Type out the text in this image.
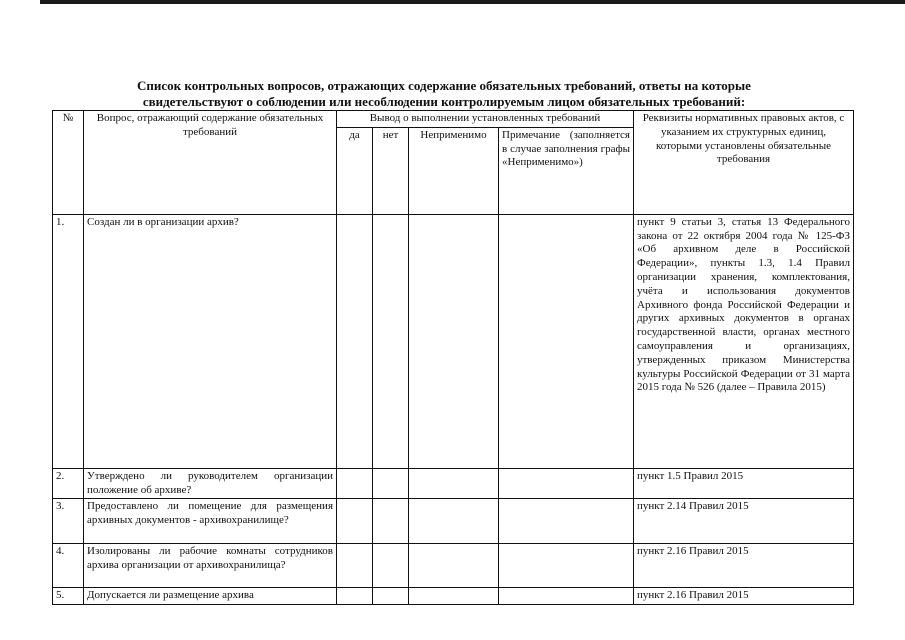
Список контрольных вопросов, отражающих содержание обязательных требований, ответы на которые
свидетельствуют о соблюдении или несоблюдении контролируемым лицом обязательных требований:
№	Вопрос, отражающий содержание обязательных требований	Вывод о выполнении установленных требований				Реквизиты нормативных правовых актов, с указанием их структурных единиц, которыми установлены обязательные требования
		да	нет	Неприменимо	Примечание (заполняется в случае заполнения графы «Неприменимо»)	
1.	Создан ли в организации архив?					пункт 9 статьи 3, статья 13 Федерального закона от 22 октября 2004 года № 125-ФЗ «Об архивном деле в Российской Федерации», пункты 1.3, 1.4 Правил организации хранения, комплектования, учёта и использования документов Архивного фонда Российской Федерации и других архивных документов в органах государственной власти, органах местного самоуправления и организациях, утвержденных приказом Министерства культуры Российской Федерации от 31 марта 2015 года № 526 (далее – Правила 2015)
2.	Утверждено ли руководителем организации положение об архиве?					пункт 1.5 Правил 2015
3.	Предоставлено ли помещение для размещения архивных документов - архивохранилище?					пункт 2.14 Правил 2015
4.	Изолированы ли рабочие комнаты сотрудников архива организации от архивохранилища?					пункт 2.16 Правил 2015
5.	Допускается ли размещение архива					пункт 2.16 Правил 2015
